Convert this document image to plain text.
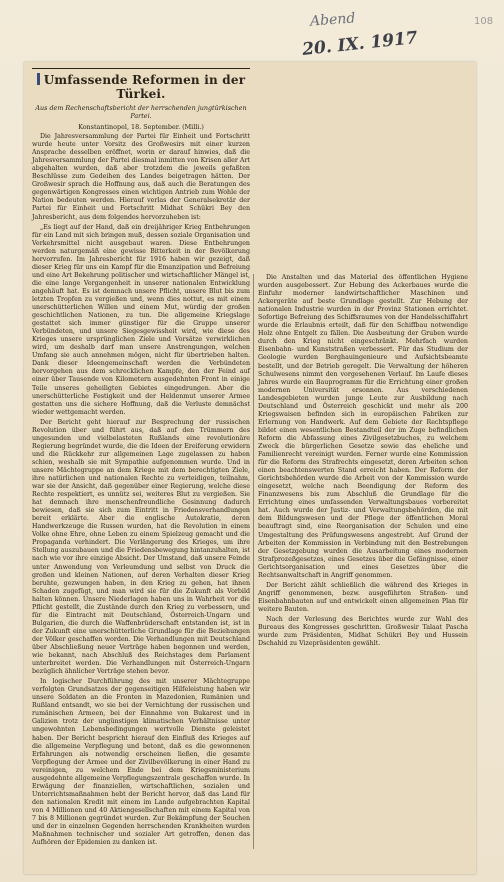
Abend
20. IX. 1917
108
Umfassende Reformen in der Türkei.
Aus dem Rechenschaftsbericht der herrschenden jungtürkischen Partei.
Konstantinopel, 18. September. (Milli.)

Die Jahresversammlung der Partei für Einheit und Fortschritt wurde heute unter Vorsitz des Großwesirs mit einer kurzen Ansprache desselben eröffnet, worin er darauf hinwies, daß die Jahresversammlung der Partei diesmal inmitten von Krisen aller Art abgehalten wurden, daß aber trotzdem die jeweils gefaßten Beschlüsse zum Gedeihen des Landes beigetragen hätten. Der Großwesir sprach die Hoffnung aus, daß auch die Beratungen des gegenwärtigen Kongresses einen wichtigen Antrieb zum Wohle der Nation bedeuten werden. Hierauf verlas der Generalsekretär der Partei für Einheit und Fortschritt Midhat Schükri Bey den Jahresbericht, aus dem folgendes hervorzuheben ist:

„Es liegt auf der Hand, daß ein dreijähriger Krieg Entbehrungen für ein Land mit sich bringen muß, dessen soziale Organisation und Verkehrsmittel nicht ausgebaut waren. Diese Entbehrungen werden naturgemäß eine gewisse Bitterkeit in der Bevölkerung hervorrufen. Im Jahresbericht für 1916 haben wir gezeigt, daß dieser Krieg für uns ein Kampf für die Emanzipation und Befreiung und eine Art Bekehrung politischer und wirtschaftlicher Mängel ist, die eine lange Vergangenheit in unserer nationalen Entwicklung angehäuft hat. Es ist demnach unsere Pflicht, unsere Blut bis zum letzten Tropfen zu vergießen und, wenn dies nottut, es mit einem unerschütterlichen Willen und einem Mut, würdig der großen geschichtlichen Nationen, zu tun. Die allgemeine Kriegslage gestattet sich immer günstiger für die Gruppe unserer Verbündeten, und unsere Siegesgewissheit wird, wie diese des Krieges unsere ursprünglichen Ziele und Vorsätze verwirklichen wird, um deshalb darf man unsere Anstrengungen, welchen Umfang sie auch annehmen mögen, nicht für übertrieben halten. Dank dieser Ideengemeinschaft werden die Verbündeten hervorgehen aus dem schrecklichen Kampfe, den der Feind auf einer über Tausende von Kilometern ausgedehnten Front in einige Teile unseres geheiligten Gebietes eingedrungen. Aber die unerschütterliche Festigkeit und der Heldenmut unserer Armee gestatten uns die sichere Hoffnung, daß die Verluste demnächst wieder wettgemacht werden.

Der Bericht geht hierauf zur Besprechung der russischen Revolution über und führt aus, daß auf den Trümmern des ungesunden und vielbelasteten Rußlands eine revolutionäre Regierung begründet wurde, die die Ideen der Ereiferung erwidern und die Rückkehr zur allgemeinen Lage zugelassen zu haben schien, weshalb sie mit Sympathie aufgenommen wurde. Und in unsere Mächtegruppe an dem Kriege mit dem berechtigten Ziele, ihre natürlichen und nationalen Rechte zu verteidigen, teilnahm, war sie der Ansicht, daß gegenüber einer Regierung, welche diese Rechte respektiert, es unnütz sei, weiteres Blut zu vergießen. Sie hat demnach ihre menschenfreundliche Gesinnung dadurch bewiesen, daß sie sich zum Eintritt in Friedensverhandlungen bereit erklärte. Aber die englische Autokratie, deren Handwerkzeuge die Russen wurden, hat die Revolution in einem Volke ohne Ehre, ohne Leben zu einem Spielzeug gemacht und die Propaganda verhindert. Die Verlängerung des Krieges, um ihre Stellung auszubauen und die Friedensbewegung hintanzuhalten, ist nach wie vor ihre einzige Absicht. Der Umstand, daß unsere Feinde unter Anwendung von Verleumdung und selbst von Druck die großen und kleinen Nationen, auf deren Verhalten dieser Krieg beruhte, gezwungen haben, in den Krieg zu gehen, hat ihnen Schaden zugefügt, und man wird sie für die Zukunft als Vorbild halten können. Unsere Niederlagen haben uns in Wahrheit vor die Pflicht gestellt, die Zustände durch den Krieg zu verbessern, und für die Eintracht mit Deutschland, Österreich-Ungarn und Bulgarien, die durch die Waffenbrüderschaft entstanden ist, ist in der Zukunft eine unerschütterliche Grundlage für die Beziehungen der Völker geschaffen worden. Die Verhandlungen mit Deutschland über Abschließung neuer Verträge haben begonnen und werden, wie bekannt, nach Abschluß des Reichstages dem Parlament unterbreitet werden. Die Verhandlungen mit Österreich-Ungarn bezüglich ähnlicher Verträge stehen bevor.

In logischer Durchführung des mit unserer Mächtegruppe verfolgten Grundsatzes der gegenseitigen Hilfeleistung haben wir unsere Soldaten an die Fronten in Mazedonien, Rumänien und Rußland entsandt, wo sie bei der Vernichtung der russischen und rumänischen Armeen, bei der Einnahme von Bukarest und in Galizien trotz der ungünstigen klimatischen Verhältnisse unter ungewohnten Lebensbedingungen wertvolle Dienste geleistet haben. Der Bericht bespricht hierauf den Einfluß des Krieges auf die allgemeine Verpflegung und betont, daß es die gewonnenen Erfahrungen als notwendig erscheinen ließen, die gesamte Verpflegung der Armee und der Zivilbevölkerung in einer Hand zu vereinigen, zu welchem Ende bei dem Kriegsministerium ausgedehnte allgemeine Verpflegungszentrale geschaffen wurde. In Erwägung der finanziellen, wirtschaftlichen, sozialen und Unterrichtsmaßnahmen hebt der Bericht hervor, daß das Land für den nationalen Kredit mit einem im Lande aufgebrachten Kapital von 4 Millionen und 40 Aktiengesellschaften mit einem Kapital von 7 bis 8 Millionen gegründet wurden. Zur Bekämpfung der Seuchen und der in einzelnen Gegenden herrschenden Krankheiten wurden Maßnahmen technischer und sozialer Art getroffen, denen das Aufhören der Epidemien zu danken ist.

Die Anstalten und das Material des öffentlichen Hygiene wurden ausgebessert. Zur Hebung des Ackerbaues wurde die Einfuhr moderner landwirtschaftlicher Maschinen und Ackergeräte auf beste Grundlage gestellt. Zur Hebung der nationalen Industrie wurden in der Provinz Stationen errichtet. Sofortige Befreiung des Schiffsraumes von der Handelsschiffahrt wurde die Erlaubnis erteilt, daß für den Schiffbau notwendige Holz ohne Entgelt zu fällen. Die Ausbeutung der Gruben wurde durch den Krieg nicht eingeschränkt. Mehrfach wurden Eisenbahn- und Kunststraßen verbessert. Für das Studium der Geologie wurden Berghauingenieure und Aufsichtsbeamte bestellt, und der Betrieb geregelt. Die Verwaltung der höheren Schulwesens nimmt den vorgesehenen Verlauf. Im Laufe dieses Jahres wurde ein Bauprogramm für die Errichtung einer großen modernen Universität ersonnen. Aus verschiedenen Landesgebieten wurden junge Leute zur Ausbildung nach Deutschland und Österreich geschickt und mehr als 200 Kriegswaisen befinden sich in europäischen Fabriken zur Erlernung von Handwerk. Auf dem Gebiete der Rechtspflege bildet einen wesentlichen Bestandteil der im Zuge befindlichen Reform die Abfassung eines Zivilgesetzbuches, zu welchem Zweck die bürgerlichen Gesetze sowie das eheliche und Familienrecht vereinigt wurden. Ferner wurde eine Kommission für die Reform des Strafrechts eingesetzt, deren Arbeiten schon einen beachtenswerten Stand erreicht haben. Der Reform der Gerichtsbehörden wurde die Arbeit von der Kommission wurde eingesetzt, welche nach Beendigung der Reform des Finanzwesens bis zum Abschluß die Grundlage für die Errichtung eines umfassenden Verwaltungsbaues vorbereitet hat. Auch wurde der Justiz- und Verwaltungsbehörden, die mit dem Bildungswesen und der Pflege der öffentlichen Moral beauftragt sind, eine Reorganisation der Schulen und eine Umgestaltung des Prüfungswesens angestrebt. Auf Grund der Arbeiten der Kommission in Verbindung mit den Bestrebungen der Gesetzgebung wurden die Ausarbeitung eines modernen Strafprozeßgesetzes, eines Gesetzes über die Gefängnisse, einer Gerichtsorganisation und eines Gesetzes über die Rechtsanwaltschaft in Angriff genommen.

Der Bericht zählt schließlich die während des Krieges in Angriff genommenen, bezw. ausgeführten Straßen- und Eisenbahnbauten auf und entwickelt einen allgemeinen Plan für weitere Bauten.

Nach der Verlesung des Berichtes wurde zur Wahl des Bureaus des Kongresses geschritten. Großwesir Talaat Pascha wurde zum Präsidenten, Midhat Schükri Bey und Hussein Dschahid zu Vizepräsidenten gewählt.
